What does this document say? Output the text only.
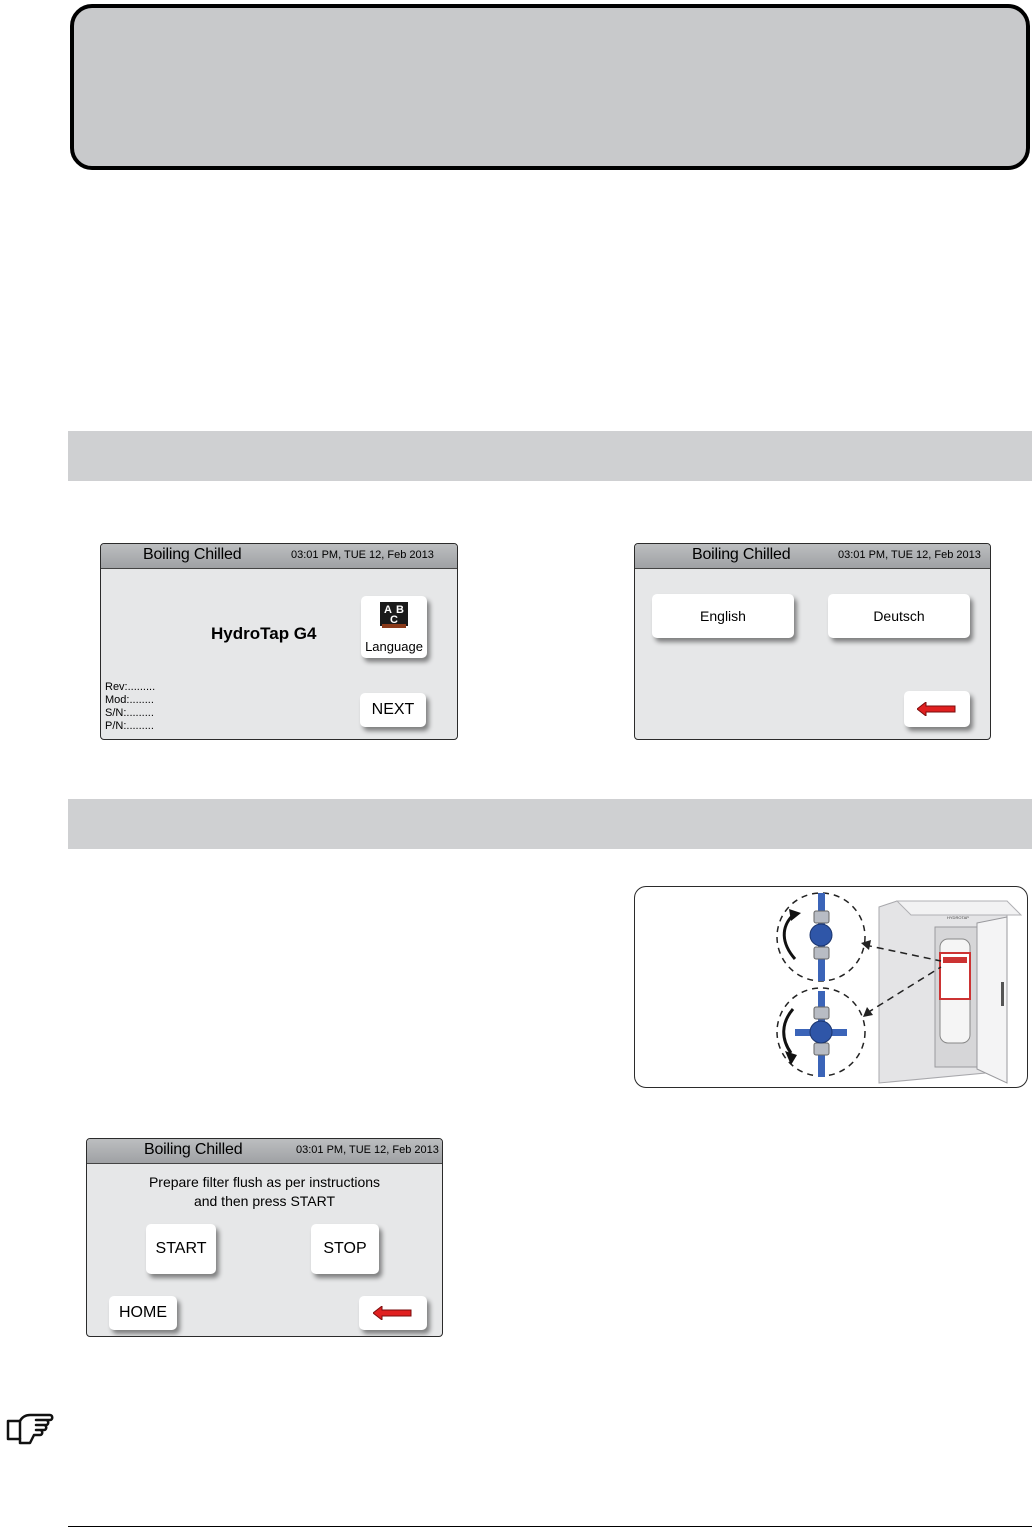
Boiling Chilled	03:01 PM, TUE 12, Feb 2013
HydroTap G4
A B
C
Language
NEXT
Rev:.........
Mod:........
S/N:.........
P/N:.........
Boiling Chilled	03:01 PM, TUE 12, Feb 2013
English	Deutsch
HYDROTAP
Boiling Chilled	03:01 PM, TUE 12, Feb 2013
Prepare filter flush as per instructions
and then press START
START	STOP
HOME
